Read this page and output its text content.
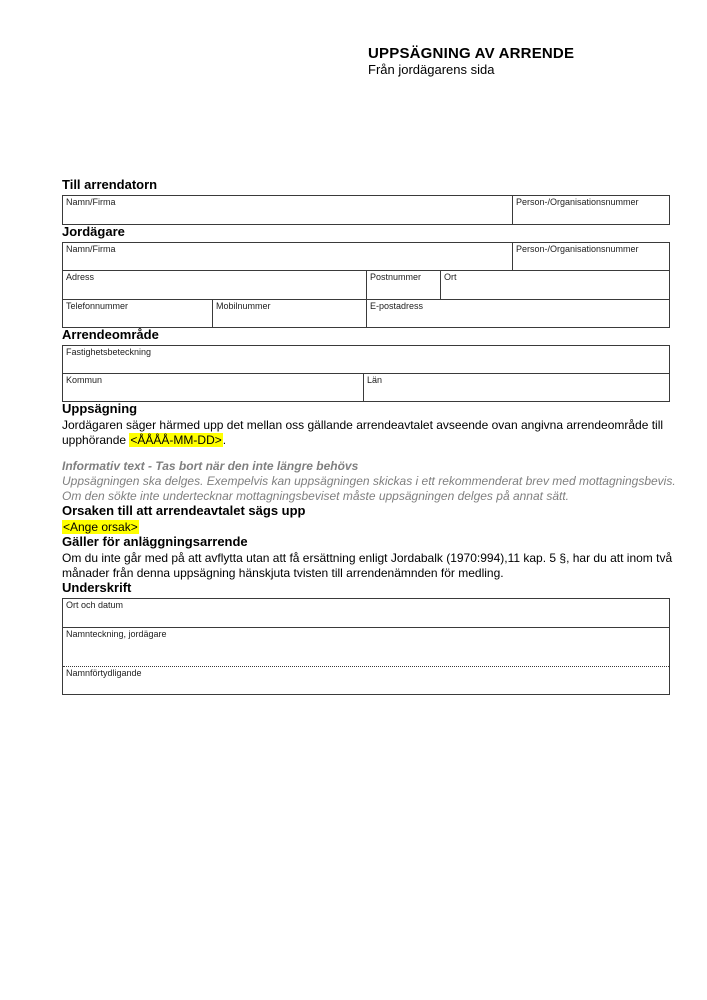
UPPSÄGNING AV ARRENDE
Från jordägarens sida
Till arrendatorn
Namn/Firma	Person-/Organisationsnummer
Jordägare
Namn/Firma	Person-/Organisationsnummer
Adress	Postnummer	Ort
Telefonnummer	Mobilnummer	E-postadress
Arrendeområde
Fastighetsbeteckning
Kommun	Län
Uppsägning

Jordägaren säger härmed upp det mellan oss gällande arrendeavtalet avseende ovan angivna arrendeområde till upphörande <ÅÅÅÅ-MM-DD>.

Informativ text - Tas bort när den inte längre behövs

Uppsägningen ska delges. Exempelvis kan uppsägningen skickas i ett rekommenderat brev med mottagningsbevis. Om den sökte inte undertecknar mottagningsbeviset måste uppsägningen delges på annat sätt.

Orsaken till att arrendeavtalet sägs upp

<Ange orsak>

Gäller för anläggningsarrende

Om du inte går med på att avflytta utan att få ersättning enligt Jordabalk (1970:994),11 kap. 5 §, har du att inom två månader från denna uppsägning hänskjuta tvisten till arrendenämnden för medling.

Underskrift
Ort och datum
Namnteckning, jordägare
Namnförtydligande
